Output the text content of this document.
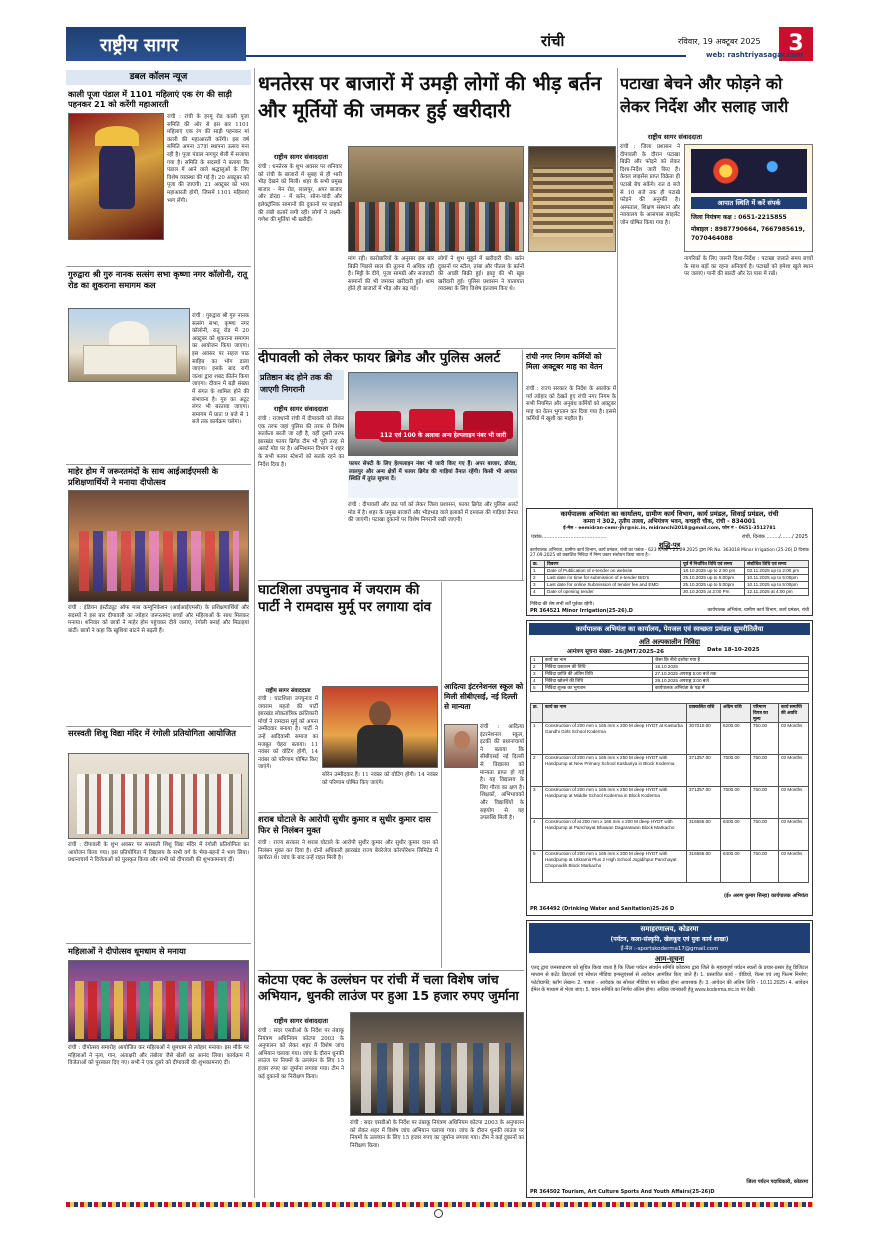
राष्ट्रीय सागर	रांची	रविवार, 19 अक्टूबर 2025	3
web: rashtriyasagar.com
डबल कॉलम न्यूज
काली पूजा पंडाल में 1101 महिलाएं एक रंग की साड़ी पहनकर 21 को करेंगी महाआरती
रांची : रांची के हरमू रोड काली पूजा समिति की ओर से इस बार 1101 महिलाएं एक रंग की साड़ी पहनकर मां काली की महाआरती करेंगी। इस वर्ष समिति अपना 37वां स्थापना उत्सव मना रही है। पूजा पंडाल नागपुर शैली में सजाया गया है। समिति के सदस्यों ने बताया कि पंडाल में आने वाले श्रद्धालुओं के लिए विशेष व्यवस्था की गई है। 20 अक्टूबर को पूजा की जाएगी। 21 अक्टूबर को भव्य महाआरती होगी, जिसमें 1101 महिलाएं भाग लेंगी।
गुरुद्वारा श्री गुरु नानक सत्संग सभा कृष्णा नगर कॉलोनी, रातू रोड का शुकराना समागम कल
रांची : गुरुद्वारा श्री गुरु नानक सत्संग सभा, कृष्णा नगर कॉलोनी, रातू रोड में 20 अक्टूबर को शुकराना समागम का आयोजन किया जाएगा। इस अवसर पर सहज पाठ साहिब का भोग डाला जाएगा। इसके बाद रागी जत्था द्वारा शबद कीर्तन किया जाएगा। दीवान में बड़ी संख्या में संगत के शामिल होने की संभावना है। गुरु का अटूट लंगर भी बरताया जाएगा। समागम में प्रातः 9 बजे से 1 बजे तक कार्यक्रम चलेगा।
माहेर होम में जरूरतमंदों के साथ आईआईएमसी के प्रशिक्षणार्थियों ने मनाया दीपोत्सव
रांची : इंडियन इंस्टीट्यूट ऑफ मास कम्युनिकेशन (आईआईएमसी) के प्रशिक्षणार्थियों और सदस्यों ने इस बार दीपावली का त्योहार जरूरतमंद बच्चों और महिलाओं के साथ मिलकर मनाया। शनिवार को छात्रों ने माहेर होम पहुंचकर दीये जलाए, रंगोली बनाई और मिठाइयां बांटीं। छात्रों ने कहा कि खुशियां बांटने से बढ़ती हैं।
सरस्वती शिशु विद्या मंदिर में रंगोली प्रतियोगिता आयोजित
रांची : दीपावली के शुभ अवसर पर सरस्वती शिशु विद्या मंदिर में रंगोली प्रतियोगिता का आयोजन किया गया। इस प्रतियोगिता में विद्यालय के सभी वर्ग के भैया-बहनों ने भाग लिया। प्रधानाचार्य ने विजेताओं को पुरस्कृत किया और सभी को दीपावली की शुभकामनाएं दीं।
महिलाओं ने दीपोत्सव धूमधाम से मनाया
रांची : दीपोत्सव समारोह आयोजित कर महिलाओं ने धूमधाम से त्योहार मनाया। इस मौके पर महिलाओं ने नृत्य, गान, अंताक्षरी और तंबोला जैसे खेलों का आनंद लिया। कार्यक्रम में विजेताओं को पुरस्कार दिए गए। सभी ने एक दूसरे को दीपावली की शुभकामनाएं दीं।
धनतेरस पर बाजारों में उमड़ी लोगों की भीड़ बर्तन और मूर्तियों की जमकर हुई खरीदारी
राष्ट्रीय सागर संवाददाता
रांची : धनतेरस के शुभ अवसर पर शनिवार को रांची के बाजारों में सुबह से ही भारी भीड़ देखने को मिली। शहर के सभी प्रमुख बाजार - मेन रोड, लालपुर, अपर बाजार और डोरंडा - में बर्तन, सोना-चांदी और इलेक्ट्रॉनिक सामानों की दुकानों पर ग्राहकों की लंबी कतारें लगी रहीं। लोगों ने लक्ष्मी-गणेश की मूर्तियां भी खरीदीं।
मांग रही। कारोबारियों के अनुसार इस बार बिक्री पिछले साल की तुलना में अधिक रही है। मिट्टी के दीये, पूजा सामग्री और सजावटी सामानों की भी जमकर खरीदारी हुई। शाम होते ही बाजारों में भीड़ और बढ़ गई।
लोगों ने शुभ मुहूर्त में खरीदारी की। बर्तन दुकानों पर स्टील, तांबा और पीतल के बर्तनों की अच्छी बिक्री हुई। झाड़ू की भी खूब खरीदारी हुई। पुलिस प्रशासन ने यातायात व्यवस्था के लिए विशेष इंतजाम किए थे।
पटाखा बेचने और फोड़ने को लेकर निर्देश और सलाह जारी
राष्ट्रीय सागर संवाददाता
रांची : जिला प्रशासन ने दीपावली के दौरान पटाखा बिक्री और फोड़ने को लेकर दिशा-निर्देश जारी किए हैं। केवल लाइसेंस प्राप्त विक्रेता ही पटाखे बेच सकेंगे। रात 8 बजे से 10 बजे तक ही पटाखे फोड़ने की अनुमति है। अस्पताल, शिक्षण संस्थान और न्यायालय के आसपास साइलेंट जोन घोषित किया गया है।
आपात स्थिति में करें संपर्क
जिला नियंत्रण कक्ष : 0651-2215855
मोबाइल : 8987790664, 7667985619, 7070464088
नागरिकों के लिए जरूरी दिशा-निर्देश : पटाखा जलाते समय बच्चों के साथ बड़ों का रहना अनिवार्य है। पटाखों को हमेशा खुले स्थान पर जलाएं। पानी की बाल्टी और रेत पास में रखें।
दीपावली को लेकर फायर ब्रिगेड और पुलिस अलर्ट
प्रतिष्ठान बंद होने तक की जाएगी निगरानी
राष्ट्रीय सागर संवाददाता
रांची : राजधानी रांची में दीपावली को लेकर एक तरफ जहां पुलिस की तरफ से विशेष सतर्कता बरती जा रही है, वहीं दूसरी तरफ झारखंड फायर ब्रिगेड टीम भी पूरी तरह से अलर्ट मोड पर है। अग्निशमन विभाग ने शहर के सभी फायर स्टेशनों को सतर्क रहने का निर्देश दिया है।
112 एवं 100 के अलावा अन्य हेल्पलाइन नंबर भी जारी
फायर सेफ्टी के लिए हेल्पलाइन नंबर भी जारी किए गए हैं। अपर बाजार, डोरंडा, लालपुर और अन्य क्षेत्रों में फायर ब्रिगेड की गाड़ियां तैनात रहेंगी। किसी भी आपात स्थिति में तुरंत सूचना दें।
रांची : दीपावली और छठ पर्व को लेकर जिला प्रशासन, फायर ब्रिगेड और पुलिस अलर्ट मोड में है। शहर के प्रमुख बाजारों और भीड़भाड़ वाले इलाकों में दमकल की गाड़ियां तैनात की जाएंगी। पटाखा दुकानों पर विशेष निगरानी रखी जाएगी।
रांची नगर निगम कर्मियों को मिला अक्टूबर माह का वेतन
रांची : राज्य सरकार के निर्देश के आलोक में पर्व त्योहार को देखते हुए रांची नगर निगम के सभी नियमित और अनुबंध कर्मियों को अक्टूबर माह का वेतन भुगतान कर दिया गया है। इससे कर्मियों में खुशी का माहौल है।
कार्यपालक अभियंता का कार्यालय, ग्रामीण कार्य विभाग, कार्य प्रमंडल, सिवाई प्रमंडल, रांची
कमरा नं 302, तृतीय तल्ला, अभियंत्रण भवन, कचहरी चौक, रांची - 834001
ई-मेल - eemidran-cemr-jhr@nic.in, midranchi2018@gmail.com, फोन नं - 0651-3512781
पत्रांक.........................................	रांची, दिनांक ......../......./ 2025
शुद्धि-पत्र
कार्यपालक अभियंता, ग्रामीण कार्य विभाग, कार्य प्रमंडल, रांची का पत्रांक - 623 दिनांक - 25.09.2025 द्वारा PR No. 363018 Minor Irrigation (25-26) D दिनांक 27.09.2025 को प्रकाशित निविदा में निम्न प्रकार संशोधन किया जाता है:-
क्र.	विवरण	पूर्व में निर्धारित तिथि एवं समय	संशोधित तिथि एवं समय
1	Date of Publication of e-tender on website	18.10.2025 up to 2:00 pm	03.11.2025 up to 2:00 pm
2	Last date /or time for submission of e-tender BID's	25.10.2025 up to 5:00pm	10.11.2025 up to 5:00pm
3	Last date for online Submission of tender fee and EMD	25.10.2025 up to 5:00pm	10.11.2025 up to 5:00pm
4	Date of opening tender	30.10.2025 at 2:00 Pm	12.11.2025 at 4:00 pm
निविदा की शेष सभी शर्तें पूर्ववत रहेंगी।
कार्यपालक अभियंता, ग्रामीण कार्य विभाग, कार्य प्रमंडल, रांची
PR 364521 Minor Irrigation(25-26).D
घाटशिला उपचुनाव में जयराम की पार्टी ने रामदास मुर्मू पर लगाया दांव
राष्ट्रीय सागर संवाददाता
रांची : घाटशिला उपचुनाव में जयराम महतो की पार्टी झारखंड लोकतांत्रिक क्रांतिकारी मोर्चा ने रामदास मुर्मू को अपना उम्मीदवार बनाया है। पार्टी ने उन्हें आदिवासी समाज का मजबूत चेहरा बताया। 11 नवंबर को वोटिंग होगी, 14 नवंबर को परिणाम घोषित किए जाएंगे।
सोरेन उम्मीदवार हैं। 11 नवंबर को वोटिंग होगी। 14 नवंबर को परिणाम घोषित किए जाएंगे।
आदित्या इंटरनेशनल स्कूल को मिली सीबीएसई, नई दिल्ली से मान्यता
रांची : आदित्या इंटरनेशनल स्कूल, इटकी की प्रधानाचार्या ने बताया कि सीबीएसई नई दिल्ली से विद्यालय को मान्यता प्राप्त हो गई है। यह विद्यालय के लिए गौरव का क्षण है। शिक्षकों, अभिभावकों और विद्यार्थियों के सहयोग से यह उपलब्धि मिली है।
शराब घोटाले के आरोपी सुधीर कुमार व सुधीर कुमार दास फिर से निलंबन मुक्त
रांची : राज्य सरकार ने शराब घोटाले के आरोपी सुधीर कुमार और सुधीर कुमार दास को निलंबन मुक्त कर दिया है। दोनों अधिकारी झारखंड राज्य बेवरेजेज कॉरपोरेशन लिमिटेड में कार्यरत थे। जांच के बाद उन्हें राहत मिली है।
कार्यपालक अभियंता का कार्यालय, पेयजल एवं स्वच्छता प्रमंडल झुमरीतिलैया
अति अल्पकालीन निविदा
आमंत्रण सूचना संख्या- 26/JMT/2025-26	Date 18-10-2025
1	कार्य का नाम	जैसा कि नीचे दर्शाया गया है
2	निविदा प्रकाशन की तिथि	18.10.2025
3	निविदा प्राप्ति की अंतिम तिथि	27.10.2025 अपराह्न 5:00 बजे तक
4	निविदा खोलने की तिथि	29.10.2025 अपराह्न 3:00 बजे
5	निविदा शुल्क का भुगतान	कार्यपालक अभियंता के पक्ष में
क्र.	कार्य का नाम	प्राक्कलित राशि	अग्रिम राशि	परिमाण विपत्र का मूल्य	कार्य समाप्ति की अवधि
1	Construction of 200 mm x 165 mm x 200 M deep HYDT at Kasturba Gandhi Girls School Koderma	307010.00	6200.00	750.00	03 Months
2	Construction of 200 mm x 165 mm x 250 M deep HYDT with Handpump at New Primary School Kasbariya in Block Koderma	371357.00	7500.00	750.00	03 Months
3	Construction of 200 mm x 165 mm x 250 M deep HYDT with Handpump at Middle School Koderma in Block Koderma	371357.00	7500.00	750.00	03 Months
4	Construction of at 200 mm x 165 mm x 200 M deep HYDT with Handpump at Panchayat Bhawan Dagaraswan Block Markacho	316655.00	6400.00	750.00	03 Months
5	Construction of 200 mm x 165 mm x 200 M deep HYDT with Handpump at Utkramit Plus 2 High School Jogidihpur Panchayat Chopnadih Block Markacho	316655.00	6400.00	750.00	03 Months
(ई० अरुण कुमार सिन्हा) कार्यपालक अभियंता
PR 364492 (Drinking Water and Sanitation)25-26 D
कोटपा एक्ट के उल्लंघन पर रांची में चला विशेष जांच अभियान, धुनकी लाउंज पर हुआ 15 हजार रुपए जुर्माना
राष्ट्रीय सागर संवाददाता
रांची : सदर एसडीओ के निर्देश पर तंबाकू नियंत्रण अधिनियम कोटपा 2003 के अनुपालन को लेकर शहर में विशेष जांच अभियान चलाया गया। जांच के दौरान धुनकी लाउंज पर नियमों के उल्लंघन के लिए 15 हजार रुपए का जुर्माना लगाया गया। टीम ने कई दुकानों का निरीक्षण किया।
रांची : सदर एसडीओ के निर्देश पर तंबाकू नियंत्रण अधिनियम कोटपा 2003 के अनुपालन को लेकर शहर में विशेष जांच अभियान चलाया गया। जांच के दौरान धुनकी लाउंज पर नियमों के उल्लंघन के लिए 15 हजार रुपए का जुर्माना लगाया गया। टीम ने कई दुकानों का निरीक्षण किया।
समाहरणालय, कोडरमा
(पर्यटन, कला-संस्कृति, खेलकूद एवं युवा कार्य शाखा)
ई-मेल :-sportskoderma17@gmail.com
आम-सूचना
एतद् द्वारा जनसाधारण को सूचित किया जाता है कि जिला पर्यटन संवर्धन समिति कोडरमा द्वारा जिले के महत्वपूर्ण पर्यटन स्थलों के प्रचार-प्रसार हेतु डिजिटल माध्यम से कंटेंट क्रिएटर्स एवं सोशल मीडिया इन्फ्लुएंसर्स से आवेदन आमंत्रित किए जाते हैं। 1. प्रस्तावित कार्य - वीडियो, रील्स एवं लघु फिल्म निर्माण; फोटोग्राफी; ब्लॉग लेखन। 2. पात्रता - आवेदक का सोशल मीडिया पर सक्रिय होना आवश्यक है। 3. आवेदन की अंतिम तिथि - 10.11.2025। 4. आवेदन ईमेल के माध्यम से भेजा जाए। 5. चयन समिति का निर्णय अंतिम होगा। अधिक जानकारी हेतु www.koderma.nic.in पर देखें।
जिला पर्यटन पदाधिकारी, कोडरमा
PR 364502 Tourism, Art Culture Sports And Youth Affairs(25-26)D
